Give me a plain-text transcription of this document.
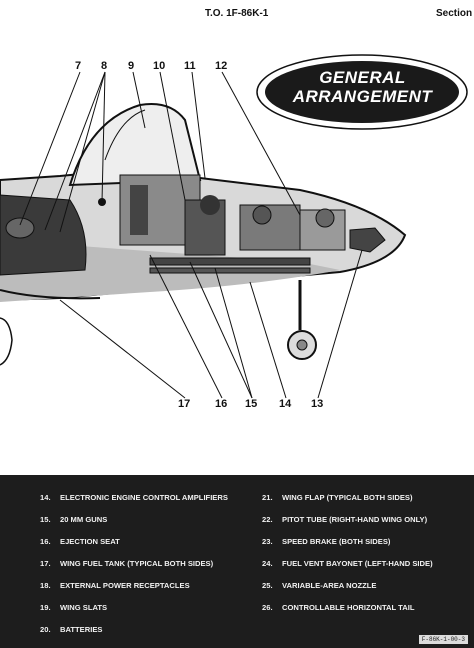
T.O. 1F-86K-1	Section
GENERAL
ARRANGEMENT
7 8 9 10 11 12
17 16 15 14 13
14. ELECTRONIC ENGINE CONTROL AMPLIFIERS
15. 20 MM GUNS
16. EJECTION SEAT
17. WING FUEL TANK (TYPICAL BOTH SIDES)
18. EXTERNAL POWER RECEPTACLES
19. WING SLATS
20. BATTERIES
21. WING FLAP (TYPICAL BOTH SIDES)
22. PITOT TUBE (RIGHT-HAND WING ONLY)
23. SPEED BRAKE (BOTH SIDES)
24. FUEL VENT BAYONET (LEFT-HAND SIDE)
25. VARIABLE-AREA NOZZLE
26. CONTROLLABLE HORIZONTAL TAIL
F-86K-1-00-3
